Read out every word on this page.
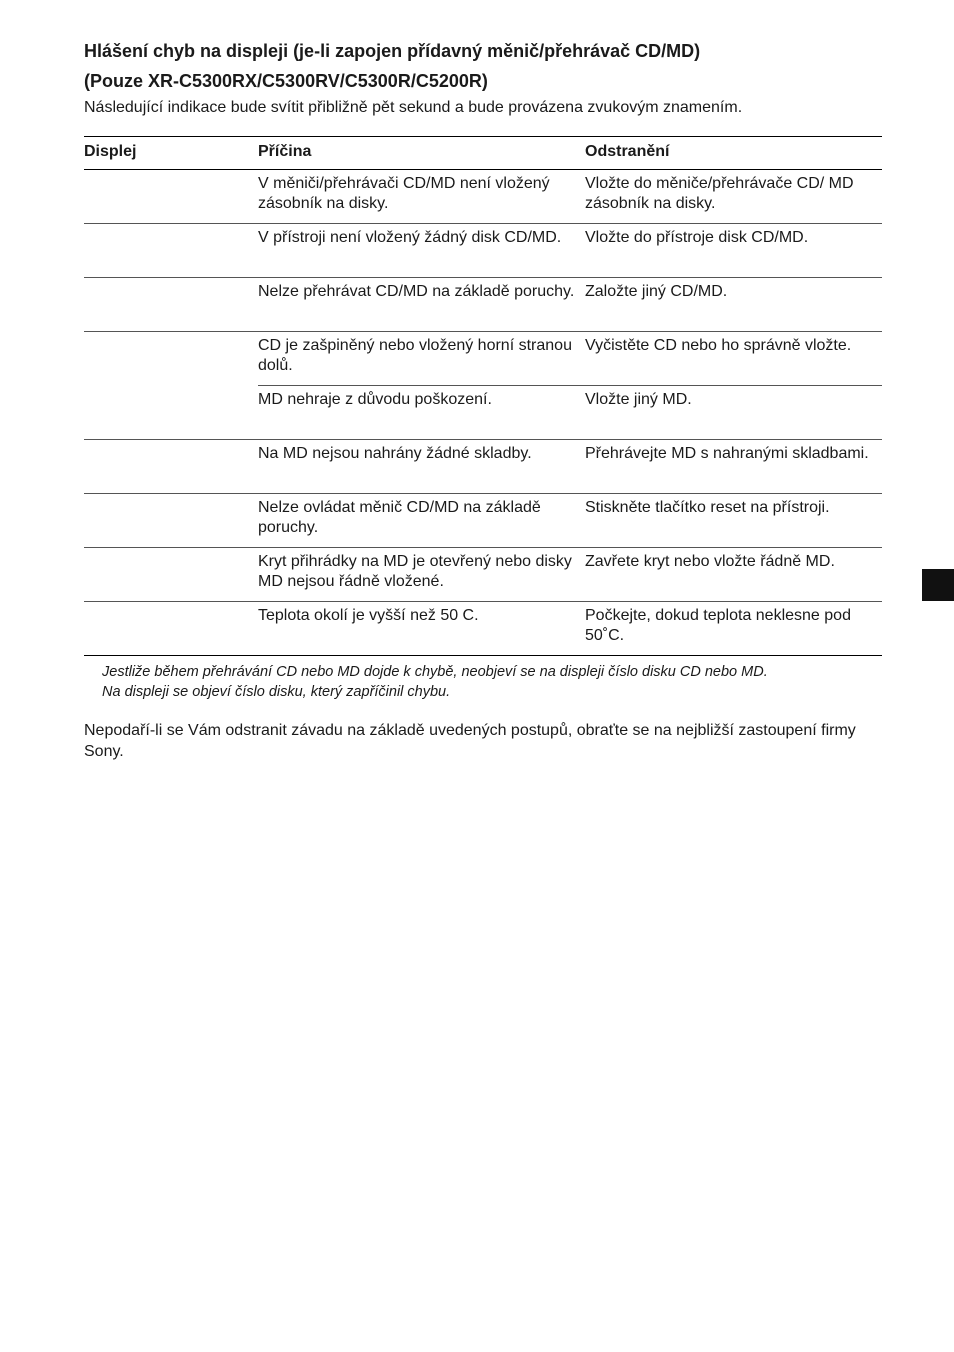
Hlášení chyb na displeji (je-li zapojen přídavný měnič/přehrávač CD/MD)
(Pouze XR-C5300RX/C5300RV/C5300R/C5200R)

Následující indikace bude svítit přibližně pět sekund a bude provázena zvukovým znamením.

Displej	Příčina	Odstranění
	V měniči/přehrávači CD/MD není vložený zásobník na disky.	Vložte do měniče/přehrávače CD/ MD zásobník na disky.
	V přístroji není vložený žádný disk CD/MD.	Vložte do přístroje disk CD/MD.
	Nelze přehrávat CD/MD na základě poruchy.	Založte jiný CD/MD.
	CD je zašpiněný nebo vložený horní stranou dolů.	Vyčistěte CD nebo ho správně vložte.
	MD nehraje z důvodu poškození.	Vložte jiný MD.
	Na MD nejsou nahrány žádné skladby.	Přehrávejte MD s nahranými skladbami.
	Nelze ovládat měnič CD/MD na základě poruchy.	Stiskněte tlačítko reset na přístroji.
	Kryt přihrádky na MD je otevřený nebo disky MD nejsou řádně vložené.	Zavřete kryt nebo vložte řádně MD.
	Teplota okolí je vyšší než 50 C.	Počkejte, dokud teplota neklesne pod 50˚C.
Jestliže během přehrávání CD nebo MD dojde k chybě, neobjeví se na displeji číslo disku CD nebo MD.
Na displeji se objeví číslo disku, který zapříčinil chybu.

Nepodaří-li se Vám odstranit závadu na základě uvedených postupů, obraťte se na nejbližší zastoupení firmy Sony.
